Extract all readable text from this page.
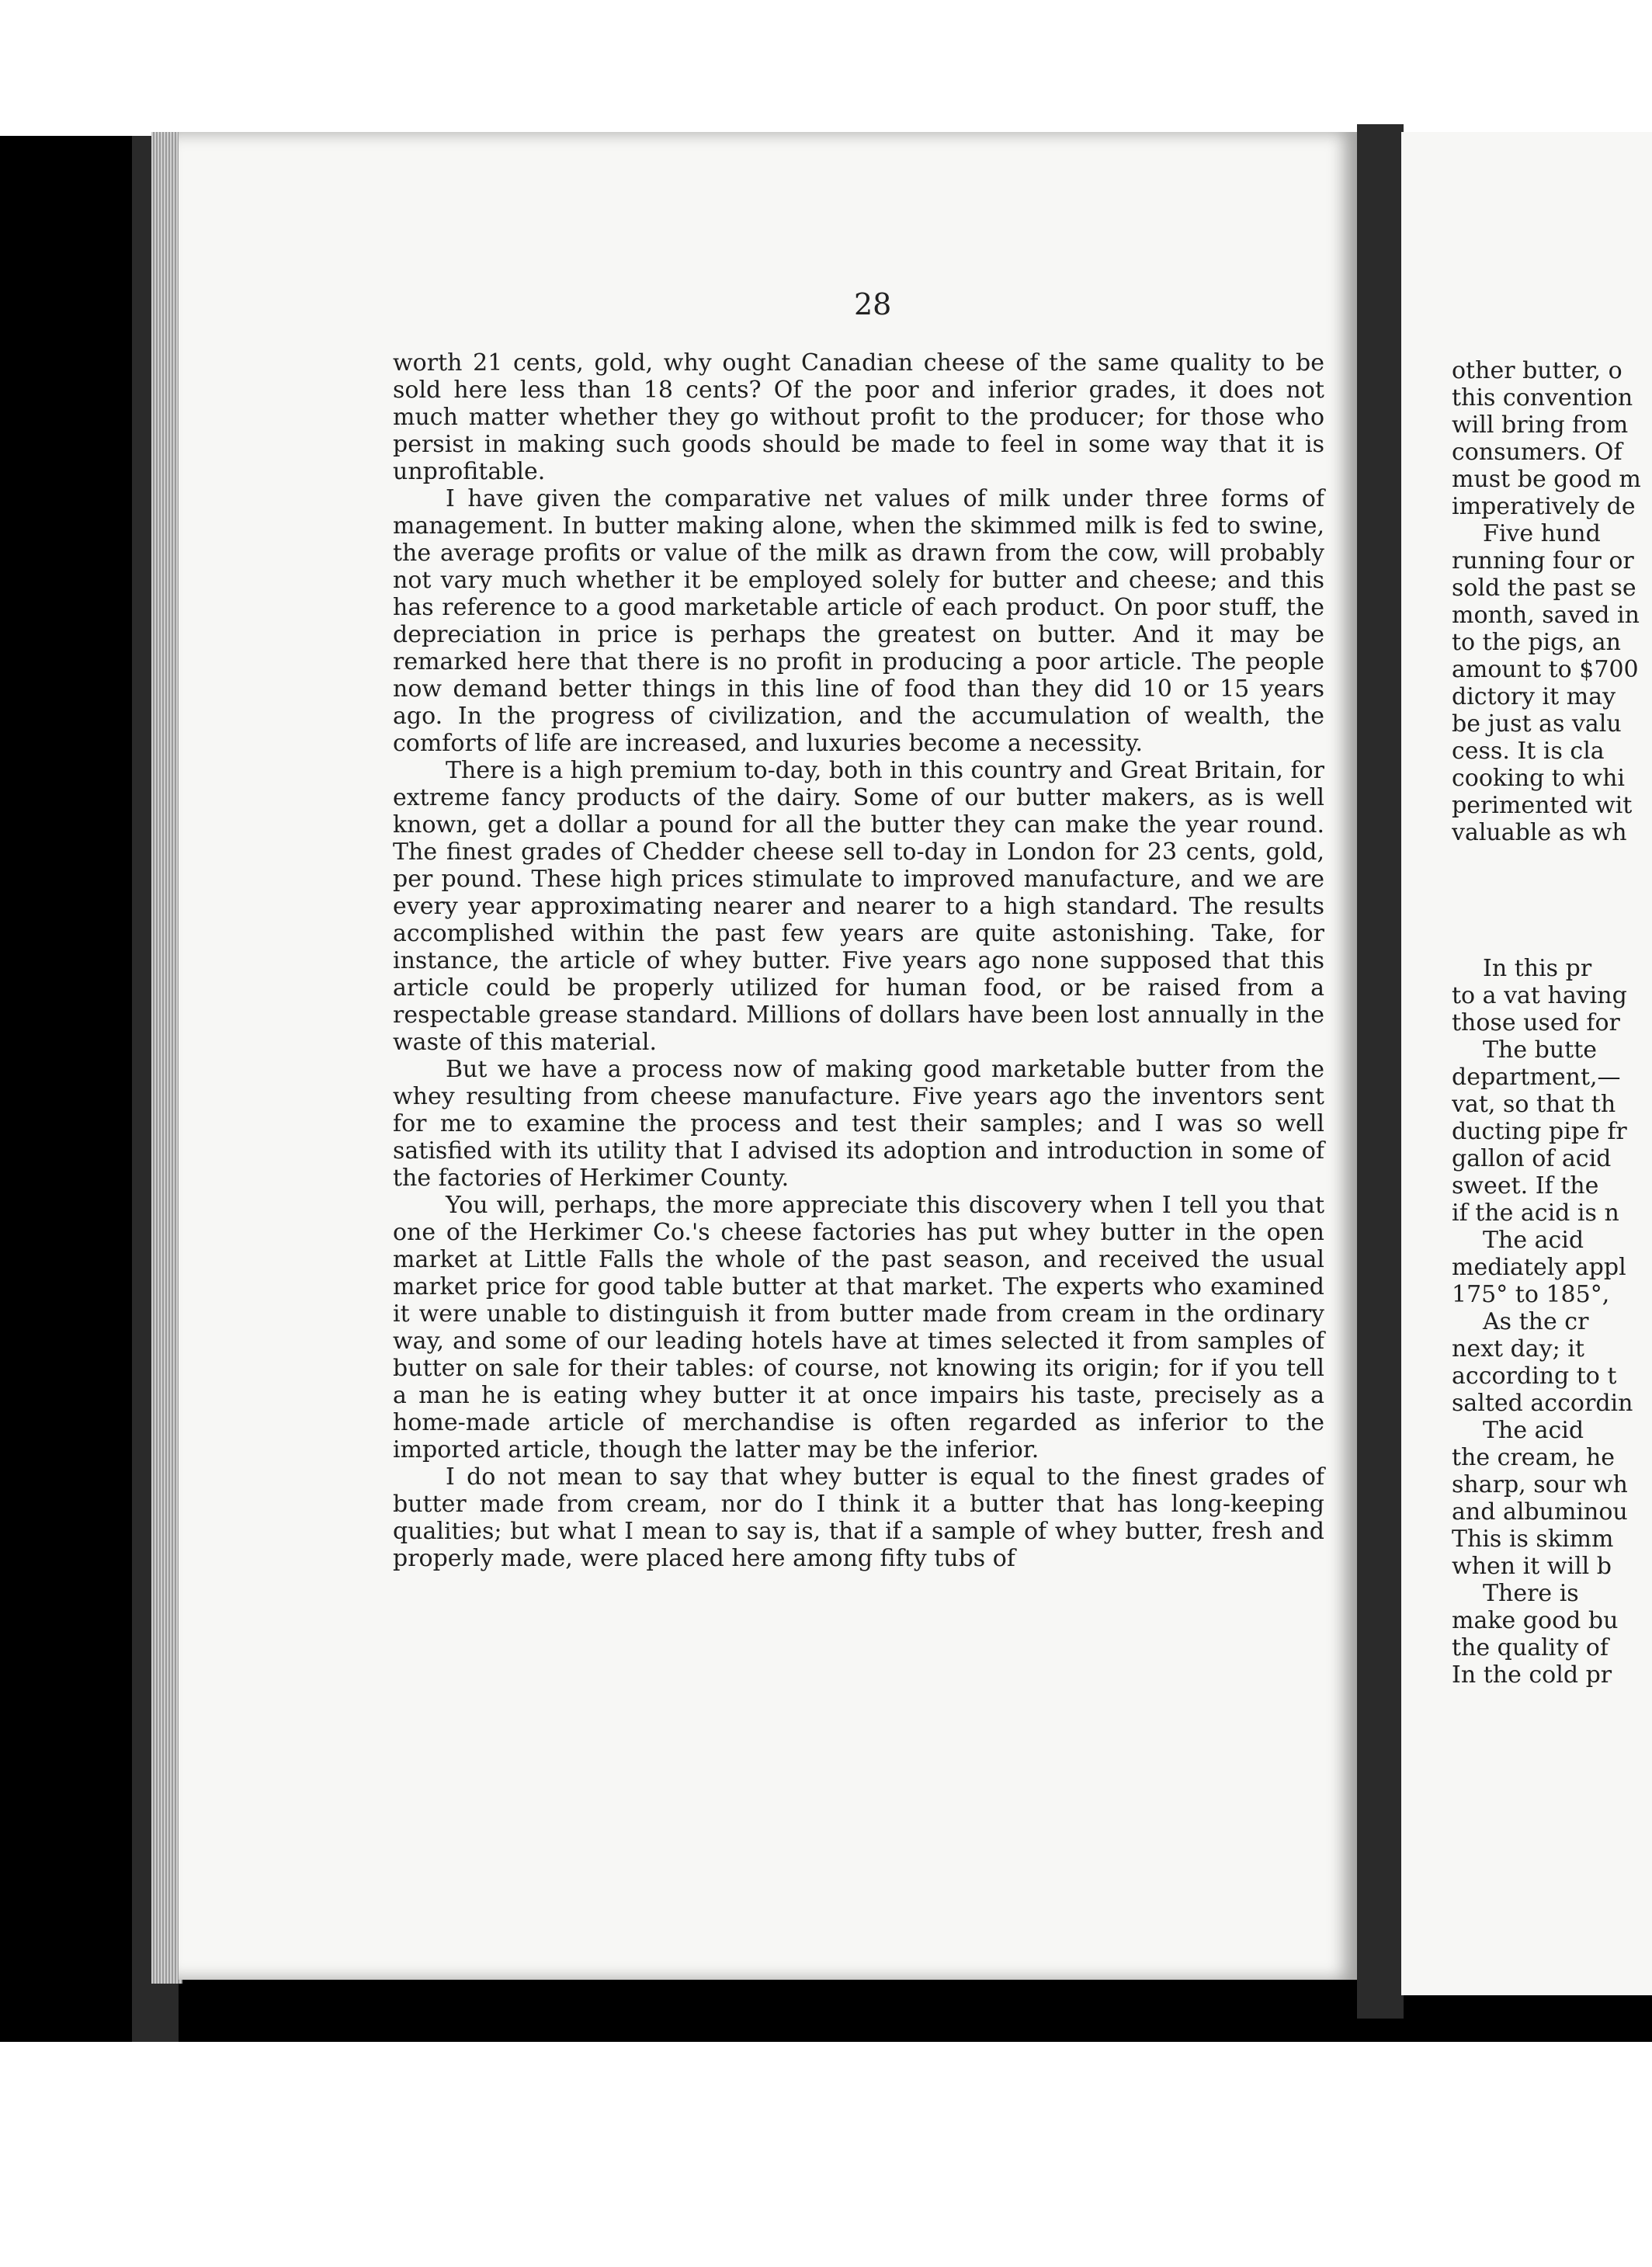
28

worth 21 cents, gold, why ought Canadian cheese of the same quality to be sold here less than 18 cents? Of the poor and inferior grades, it does not much matter whether they go without profit to the producer; for those who persist in making such goods should be made to feel in some way that it is unprofitable.

I have given the comparative net values of milk under three forms of management. In butter making alone, when the skimmed milk is fed to swine, the average profits or value of the milk as drawn from the cow, will probably not vary much whether it be employed solely for butter and cheese; and this has reference to a good marketable article of each product. On poor stuff, the depreciation in price is perhaps the greatest on butter. And it may be remarked here that there is no profit in producing a poor article. The people now demand better things in this line of food than they did 10 or 15 years ago. In the progress of civilization, and the accumulation of wealth, the comforts of life are increased, and luxuries become a necessity.

There is a high premium to-day, both in this country and Great Britain, for extreme fancy products of the dairy. Some of our butter makers, as is well known, get a dollar a pound for all the butter they can make the year round. The finest grades of Chedder cheese sell to-day in London for 23 cents, gold, per pound. These high prices stimulate to improved manufacture, and we are every year approximating nearer and nearer to a high standard. The results accomplished within the past few years are quite astonishing. Take, for instance, the article of whey butter. Five years ago none supposed that this article could be properly utilized for human food, or be raised from a respectable grease standard. Millions of dollars have been lost annually in the waste of this material.

But we have a process now of making good marketable butter from the whey resulting from cheese manufacture. Five years ago the inventors sent for me to examine the process and test their samples; and I was so well satisfied with its utility that I advised its adoption and introduction in some of the factories of Herkimer County.

You will, perhaps, the more appreciate this discovery when I tell you that one of the Herkimer Co.'s cheese factories has put whey butter in the open market at Little Falls the whole of the past season, and received the usual market price for good table butter at that market. The experts who examined it were unable to distinguish it from butter made from cream in the ordinary way, and some of our leading hotels have at times selected it from samples of butter on sale for their tables: of course, not knowing its origin; for if you tell a man he is eating whey butter it at once impairs his taste, precisely as a home-made article of merchandise is often regarded as inferior to the imported article, though the latter may be the inferior.

I do not mean to say that whey butter is equal to the finest grades of butter made from cream, nor do I think it a butter that has long-keeping qualities; but what I mean to say is, that if a sample of whey butter, fresh and properly made, were placed here among fifty tubs of

other butter, o

this convention

will bring from

consumers. Of

must be good m

imperatively de

Five hund

running four or

sold the past se

month, saved in

to the pigs, an

amount to $700

dictory it may

be just as valu

cess. It is cla

cooking to whi

perimented wit

valuable as wh

In this pr

to a vat having

those used for

The butte

department,—

vat, so that th

ducting pipe fr

gallon of acid

sweet. If the

if the acid is n

The acid

mediately appl

175° to 185°,

As the cr

next day; it

according to t

salted accordin

The acid

the cream, he

sharp, sour wh

and albuminou

This is skimm

when it will b

There is

make good bu

the quality of

In the cold pr
